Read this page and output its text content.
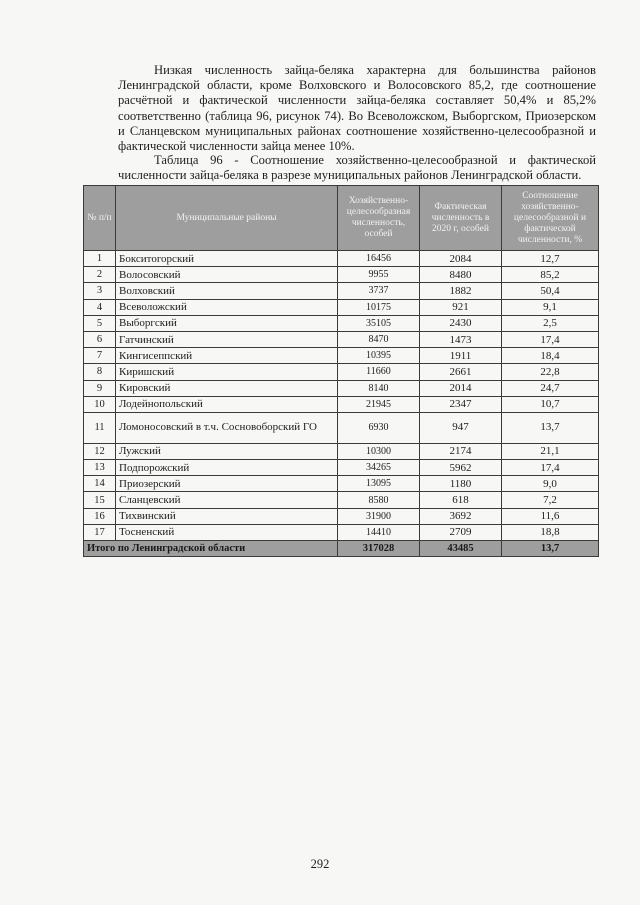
Низкая численность зайца-беляка характерна для большинства районов Ленинградской области, кроме Волховского и Волосовского 85,2, где соотношение расчётной и фактической численности зайца-беляка составляет 50,4% и 85,2% соответственно (таблица 96, рисунок 74). Во Всеволожском, Выборгском, Приозерском и Сланцевском муниципальных районах соотношение хозяйственно-целесообразной и фактической численности зайца менее 10%.
Таблица 96 - Соотношение хозяйственно-целесообразной и фактической численности зайца-беляка в разрезе муниципальных районов Ленинградской области.
№ п/п	Муниципальные районы	Хозяйственно-целесообразная численность, особей	Фактическая численность в 2020 г, особей	Соотношение хозяйственно-целесообразной и фактической численности, %
1	Бокситогорский	16456	2084	12,7
2	Волосовский	9955	8480	85,2
3	Волховский	3737	1882	50,4
4	Всеволожский	10175	921	9,1
5	Выборгский	35105	2430	2,5
6	Гатчинский	8470	1473	17,4
7	Кингисеппский	10395	1911	18,4
8	Киришский	11660	2661	22,8
9	Кировский	8140	2014	24,7
10	Лодейнопольский	21945	2347	10,7
11	Ломоносовский в т.ч. Сосновоборский ГО	6930	947	13,7
12	Лужский	10300	2174	21,1
13	Подпорожский	34265	5962	17,4
14	Приозерский	13095	1180	9,0
15	Сланцевский	8580	618	7,2
16	Тихвинский	31900	3692	11,6
17	Тосненский	14410	2709	18,8
Итого по Ленинградской области		317028	43485	13,7
292
